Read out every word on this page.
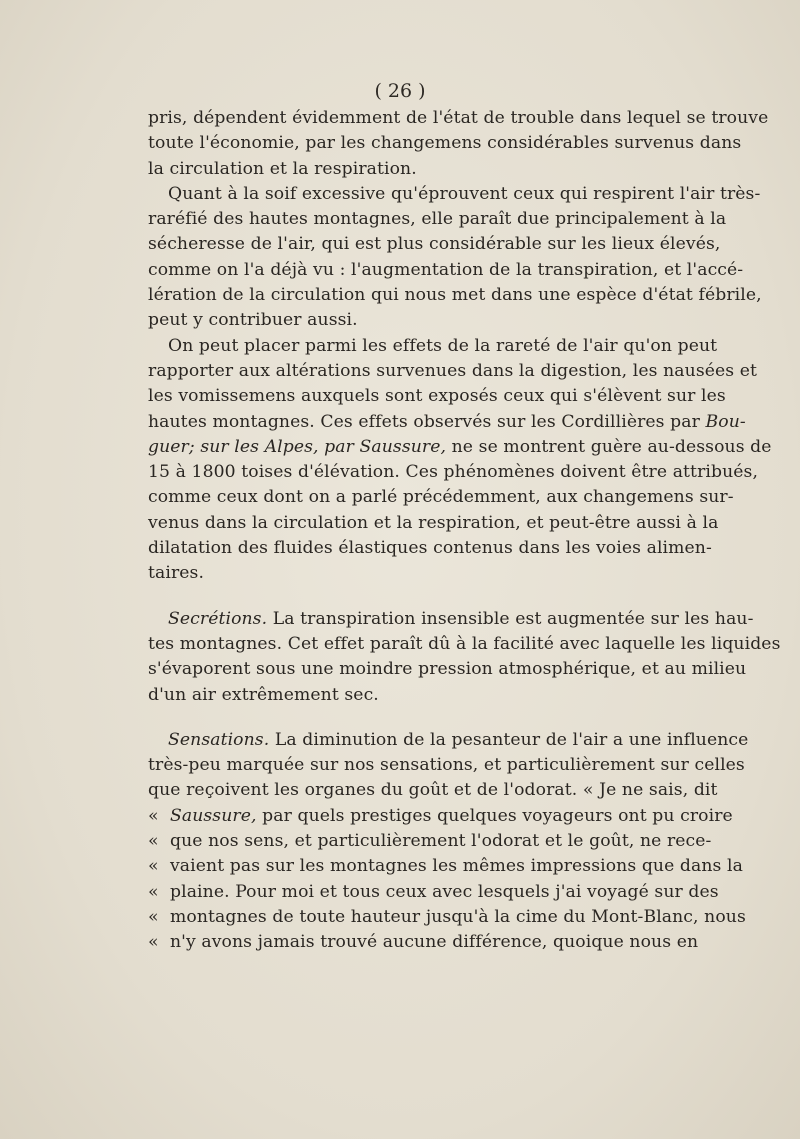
( 26 )
pris, dépendent évidemment de l'état de trouble dans lequel se trouve
toute l'économie, par les changemens considérables survenus dans
la circulation et la respiration.
Quant à la soif excessive qu'éprouvent ceux qui respirent l'air très-
raréfié des hautes montagnes, elle paraît due principalement à la
sécheresse de l'air, qui est plus considérable sur les lieux élevés,
comme on l'a déjà vu : l'augmentation de la transpiration, et l'accé-
lération de la circulation qui nous met dans une espèce d'état fébrile,
peut y contribuer aussi.
On peut placer parmi les effets de la rareté de l'air qu'on peut
rapporter aux altérations survenues dans la digestion, les nausées et
les vomissemens auxquels sont exposés ceux qui s'élèvent sur les
hautes montagnes. Ces effets observés sur les Cordillières par Bou-
guer; sur les Alpes, par Saussure, ne se montrent guère au-dessous de
15 à 1800 toises d'élévation. Ces phénomènes doivent être attribués,
comme ceux dont on a parlé précédemment, aux changemens sur-
venus dans la circulation et la respiration, et peut-être aussi à la
dilatation des fluides élastiques contenus dans les voies alimen-
taires.
Secrétions. La transpiration insensible est augmentée sur les hau-
tes montagnes. Cet effet paraît dû à la facilité avec laquelle les liquides
s'évaporent sous une moindre pression atmosphérique, et au milieu
d'un air extrêmement sec.
Sensations. La diminution de la pesanteur de l'air a une influence
très-peu marquée sur nos sensations, et particulièrement sur celles
que reçoivent les organes du goût et de l'odorat. « Je ne sais, dit
« Saussure, par quels prestiges quelques voyageurs ont pu croire
« que nos sens, et particulièrement l'odorat et le goût, ne rece-
« vaient pas sur les montagnes les mêmes impressions que dans la
« plaine. Pour moi et tous ceux avec lesquels j'ai voyagé sur des
« montagnes de toute hauteur jusqu'à la cime du Mont-Blanc, nous
« n'y avons jamais trouvé aucune différence, quoique nous en
